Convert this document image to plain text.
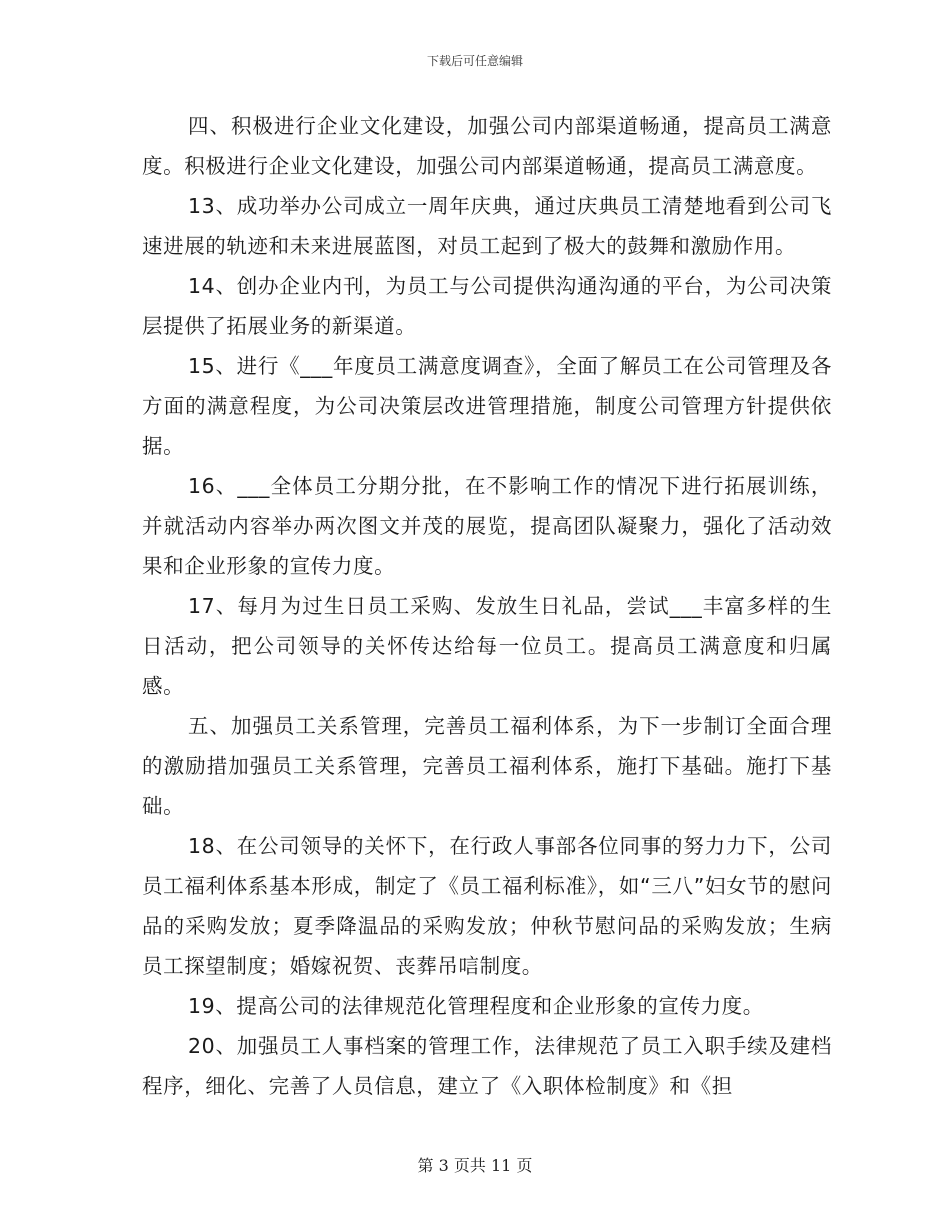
下载后可任意编辑

四、积极进行企业文化建设，加强公司内部渠道畅通，提高员工满意度。积极进行企业文化建设，加强公司内部渠道畅通，提高员工满意度。

13、成功举办公司成立一周年庆典，通过庆典员工清楚地看到公司飞速进展的轨迹和未来进展蓝图，对员工起到了极大的鼓舞和激励作用。

14、创办企业内刊，为员工与公司提供沟通沟通的平台，为公司决策层提供了拓展业务的新渠道。

15、进行《___年度员工满意度调查》，全面了解员工在公司管理及各方面的满意程度，为公司决策层改进管理措施，制度公司管理方针提供依据。

16、___全体员工分期分批，在不影响工作的情况下进行拓展训练，并就活动内容举办两次图文并茂的展览，提高团队凝聚力，强化了活动效果和企业形象的宣传力度。

17、每月为过生日员工采购、发放生日礼品，尝试___丰富多样的生日活动，把公司领导的关怀传达给每一位员工。提高员工满意度和归属感。

五、加强员工关系管理，完善员工福利体系，为下一步制订全面合理的激励措加强员工关系管理，完善员工福利体系，施打下基础。施打下基础。

18、在公司领导的关怀下，在行政人事部各位同事的努力力下，公司员工福利体系基本形成，制定了《员工福利标准》，如“三八”妇女节的慰问品的采购发放；夏季降温品的采购发放；仲秋节慰问品的采购发放；生病员工探望制度；婚嫁祝贺、丧葬吊唁制度。

19、提高公司的法律规范化管理程度和企业形象的宣传力度。

20、加强员工人事档案的管理工作，法律规范了员工入职手续及建档程序，细化、完善了人员信息，建立了《入职体检制度》和《担

第 3 页共 11 页
